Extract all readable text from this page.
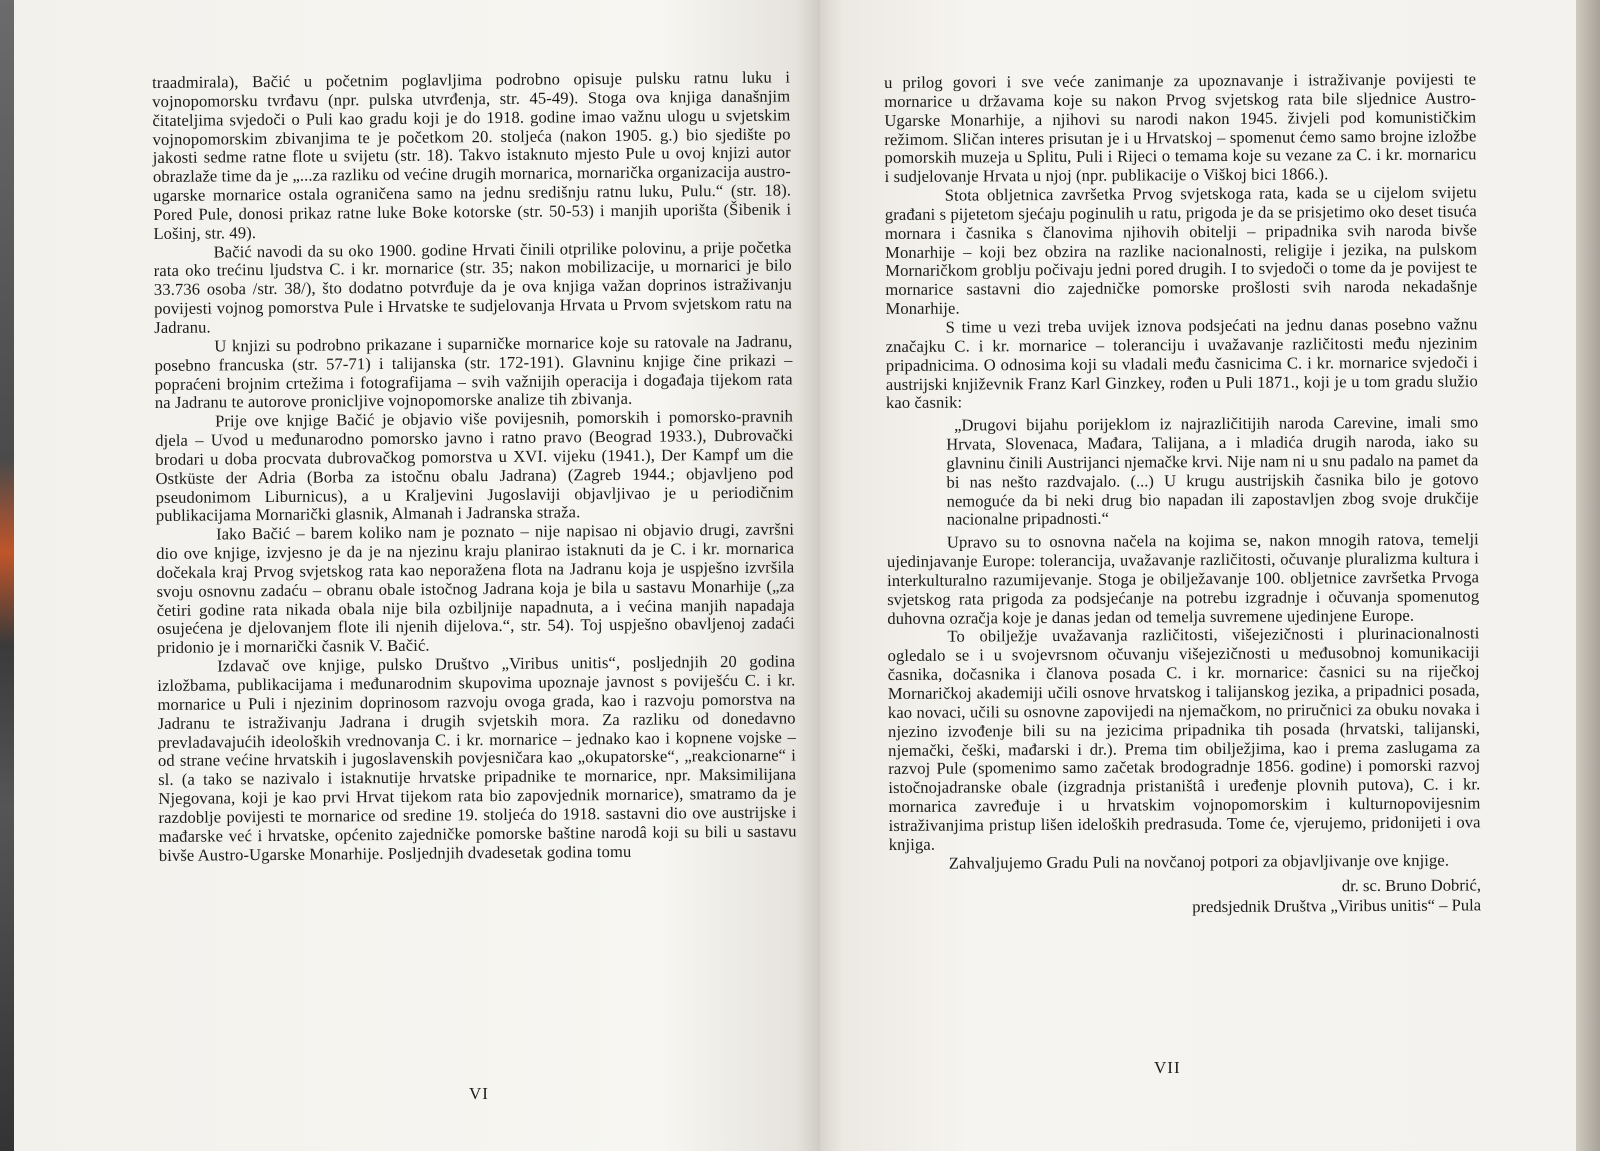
traadmirala), Bačić u početnim poglavljima podrobno opisuje pulsku ratnu luku i vojnopomorsku tvrđavu (npr. pulska utvrđenja, str. 45-49). Stoga ova knjiga današnjim čitateljima svjedoči o Puli kao gradu koji je do 1918. godine imao važnu ulogu u svjetskim vojnopomorskim zbivanjima te je početkom 20. stoljeća (nakon 1905. g.) bio sjedište po jakosti sedme ratne flote u svijetu (str. 18). Takvo istaknuto mjesto Pule u ovoj knjizi autor obrazlaže time da je „...za razliku od većine drugih mornarica, mornarička organizacija austro-ugarske mornarice ostala ograničena samo na jednu središnju ratnu luku, Pulu.“ (str. 18). Pored Pule, donosi prikaz ratne luke Boke kotorske (str. 50-53) i manjih uporišta (Šibenik i Lošinj, str. 49).

Bačić navodi da su oko 1900. godine Hrvati činili otprilike polovinu, a prije početka rata oko trećinu ljudstva C. i kr. mornarice (str. 35; nakon mobilizacije, u mornarici je bilo 33.736 osoba /str. 38/), što dodatno potvrđuje da je ova knjiga važan doprinos istraživanju povijesti vojnog pomorstva Pule i Hrvatske te sudjelovanja Hrvata u Prvom svjetskom ratu na Jadranu.

U knjizi su podrobno prikazane i suparničke mornarice koje su ratovale na Jadranu, posebno francuska (str. 57-71) i talijanska (str. 172-191). Glavninu knjige čine prikazi – popraćeni brojnim crtežima i fotografijama – svih važnijih operacija i događaja tijekom rata na Jadranu te autorove pronicljive vojnopomorske analize tih zbivanja.

Prije ove knjige Bačić je objavio više povijesnih, pomorskih i pomorsko-pravnih djela – Uvod u međunarodno pomorsko javno i ratno pravo (Beograd 1933.), Dubrovački brodari u doba procvata dubrovačkog pomorstva u XVI. vijeku (1941.), Der Kampf um die Ostküste der Adria (Borba za istočnu obalu Jadrana) (Zagreb 1944.; objavljeno pod pseudonimom Liburnicus), a u Kraljevini Jugoslaviji objavljivao je u periodičnim publikacijama Mornarički glasnik, Almanah i Jadranska straža.

Iako Bačić – barem koliko nam je poznato – nije napisao ni objavio drugi, završni dio ove knjige, izvjesno je da je na njezinu kraju planirao istaknuti da je C. i kr. mornarica dočekala kraj Prvog svjetskog rata kao neporažena flota na Jadranu koja je uspješno izvršila svoju osnovnu zadaću – obranu obale istočnog Jadrana koja je bila u sastavu Monarhije („za četiri godine rata nikada obala nije bila ozbiljnije napadnuta, a i većina manjih napadaja osujećena je djelovanjem flote ili njenih dijelova.“, str. 54). Toj uspješno obavljenoj zadaći pridonio je i mornarički časnik V. Bačić.

Izdavač ove knjige, pulsko Društvo „Viribus unitis“, posljednjih 20 godina izložbama, publikacijama i međunarodnim skupovima upoznaje javnost s poviješću C. i kr. mornarice u Puli i njezinim doprinosom razvoju ovoga grada, kao i razvoju pomorstva na Jadranu te istraživanju Jadrana i drugih svjetskih mora. Za razliku od donedavno prevladavajućih ideoloških vrednovanja C. i kr. mornarice – jednako kao i kopnene vojske – od strane većine hrvatskih i jugoslavenskih povjesničara kao „okupatorske“, „reakcionarne“ i sl. (a tako se nazivalo i istaknutije hrvatske pripadnike te mornarice, npr. Maksimilijana Njegovana, koji je kao prvi Hrvat tijekom rata bio zapovjednik mornarice), smatramo da je razdoblje povijesti te mornarice od sredine 19. stoljeća do 1918. sastavni dio ove austrijske i mađarske već i hrvatske, općenito zajedničke pomorske baštine narodâ koji su bili u sastavu bivše Austro-Ugarske Monarhije. Posljednjih dvadesetak godina tomu

VI

u prilog govori i sve veće zanimanje za upoznavanje i istraživanje povijesti te mornarice u državama koje su nakon Prvog svjetskog rata bile sljednice Austro-Ugarske Monarhije, a njihovi su narodi nakon 1945. živjeli pod komunističkim režimom. Sličan interes prisutan je i u Hrvatskoj – spomenut ćemo samo brojne izložbe pomorskih muzeja u Splitu, Puli i Rijeci o temama koje su vezane za C. i kr. mornaricu i sudjelovanje Hrvata u njoj (npr. publikacije o Viškoj bici 1866.).

Stota obljetnica završetka Prvog svjetskoga rata, kada se u cijelom svijetu građani s pijetetom sjećaju poginulih u ratu, prigoda je da se prisjetimo oko deset tisuća mornara i časnika s članovima njihovih obitelji – pripadnika svih naroda bivše Monarhije – koji bez obzira na razlike nacionalnosti, religije i jezika, na pulskom Mornaričkom groblju počivaju jedni pored drugih. I to svjedoči o tome da je povijest te mornarice sastavni dio zajedničke pomorske prošlosti svih naroda nekadašnje Monarhije.

S time u vezi treba uvijek iznova podsjećati na jednu danas posebno važnu značajku C. i kr. mornarice – toleranciju i uvažavanje različitosti među njezinim pripadnicima. O odnosima koji su vladali među časnicima C. i kr. mornarice svjedoči i austrijski književnik Franz Karl Ginzkey, rođen u Puli 1871., koji je u tom gradu služio kao časnik:

„Drugovi bijahu porijeklom iz najrazličitijih naroda Carevine, imali smo Hrvata, Slovenaca, Mađara, Talijana, a i mladića drugih naroda, iako su glavninu činili Austrijanci njemačke krvi. Nije nam ni u snu padalo na pamet da bi nas nešto razdvajalo. (...) U krugu austrijskih časnika bilo je gotovo nemoguće da bi neki drug bio napadan ili zapostavljen zbog svoje drukčije nacionalne pripadnosti.“

Upravo su to osnovna načela na kojima se, nakon mnogih ratova, temelji ujedinjavanje Europe: tolerancija, uvažavanje različitosti, očuvanje pluralizma kultura i interkulturalno razumijevanje. Stoga je obilježavanje 100. obljetnice završetka Prvoga svjetskog rata prigoda za podsjećanje na potrebu izgradnje i očuvanja spomenutog duhovna ozračja koje je danas jedan od temelja suvremene ujedinjene Europe.

To obilježje uvažavanja različitosti, višejezičnosti i plurinacionalnosti ogledalo se i u svojevrsnom očuvanju višejezičnosti u međusobnoj komunikaciji časnika, dočasnika i članova posada C. i kr. mornarice: časnici su na riječkoj Mornaričkoj akademiji učili osnove hrvatskog i talijanskog jezika, a pripadnici posada, kao novaci, učili su osnovne zapovijedi na njemačkom, no priručnici za obuku novaka i njezino izvođenje bili su na jezicima pripadnika tih posada (hrvatski, talijanski, njemački, češki, mađarski i dr.). Prema tim obilježjima, kao i prema zaslugama za razvoj Pule (spomenimo samo začetak brodogradnje 1856. godine) i pomorski razvoj istočnojadranske obale (izgradnja pristaništâ i uređenje plovnih putova), C. i kr. mornarica zavređuje i u hrvatskim vojnopomorskim i kulturnopovijesnim istraživanjima pristup lišen ideloških predrasuda. Tome će, vjerujemo, pridonijeti i ova knjiga.

Zahvaljujemo Gradu Puli na novčanoj potpori za objavljivanje ove knjige.

dr. sc. Bruno Dobrić,
predsjednik Društva „Viribus unitis“ – Pula
VII
